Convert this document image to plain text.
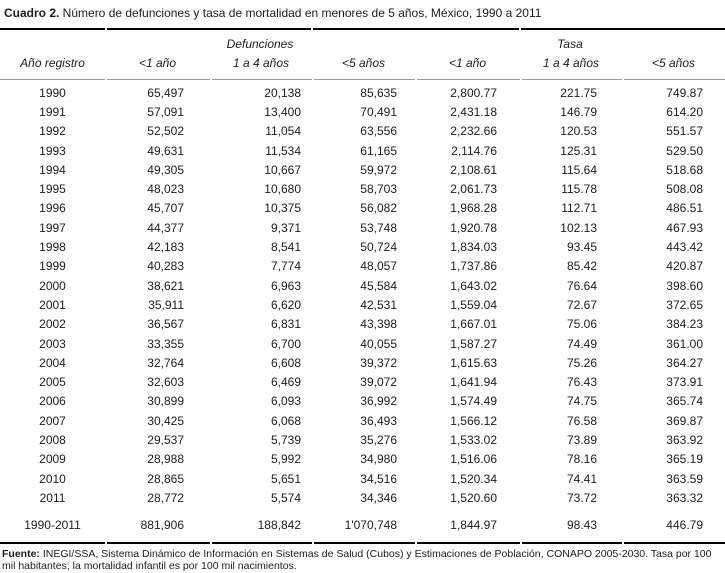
Cuadro 2. Número de defunciones y tasa de mortalidad en menores de 5 años, México, 1990 a 2011
Defunciones	Tasa
Año registro	<1 año	1 a 4 años	<5 años	<1 año	1 a 4 años	<5 años
1990	65,497	20,138	85,635	2,800.77	221.75	749.87
1991	57,091	13,400	70,491	2,431.18	146.79	614.20
1992	52,502	11,054	63,556	2,232.66	120.53	551.57
1993	49,631	11,534	61,165	2,114.76	125.31	529.50
1994	49,305	10,667	59,972	2,108.61	115.64	518.68
1995	48,023	10,680	58,703	2,061.73	115.78	508.08
1996	45,707	10,375	56,082	1,968.28	112.71	486.51
1997	44,377	9,371	53,748	1,920.78	102.13	467.93
1998	42,183	8,541	50,724	1,834.03	93.45	443.42
1999	40,283	7,774	48,057	1,737.86	85.42	420.87
2000	38,621	6,963	45,584	1,643.02	76.64	398.60
2001	35,911	6,620	42,531	1,559.04	72.67	372.65
2002	36,567	6,831	43,398	1,667.01	75.06	384.23
2003	33,355	6,700	40,055	1,587.27	74.49	361.00
2004	32,764	6,608	39,372	1,615.63	75.26	364.27
2005	32,603	6,469	39,072	1,641.94	76.43	373.91
2006	30,899	6,093	36,992	1,574.49	74.75	365.74
2007	30,425	6,068	36,493	1,566.12	76.58	369.87
2008	29,537	5,739	35,276	1,533.02	73.89	363.92
2009	28,988	5,992	34,980	1,516.06	78.16	365.19
2010	28,865	5,651	34,516	1,520.34	74.41	363.59
2011	28,772	5,574	34,346	1,520.60	73.72	363.32
1990-2011	881,906	188,842	1'070,748	1,844.97	98.43	446.79
Fuente: INEGI/SSA, Sistema Dinámico de Información en Sistemas de Salud (Cubos) y Estimaciones de Población, CONAPO 2005-2030. Tasa por 100 mil habitantes; la mortalidad infantil es por 100 mil nacimientos.
